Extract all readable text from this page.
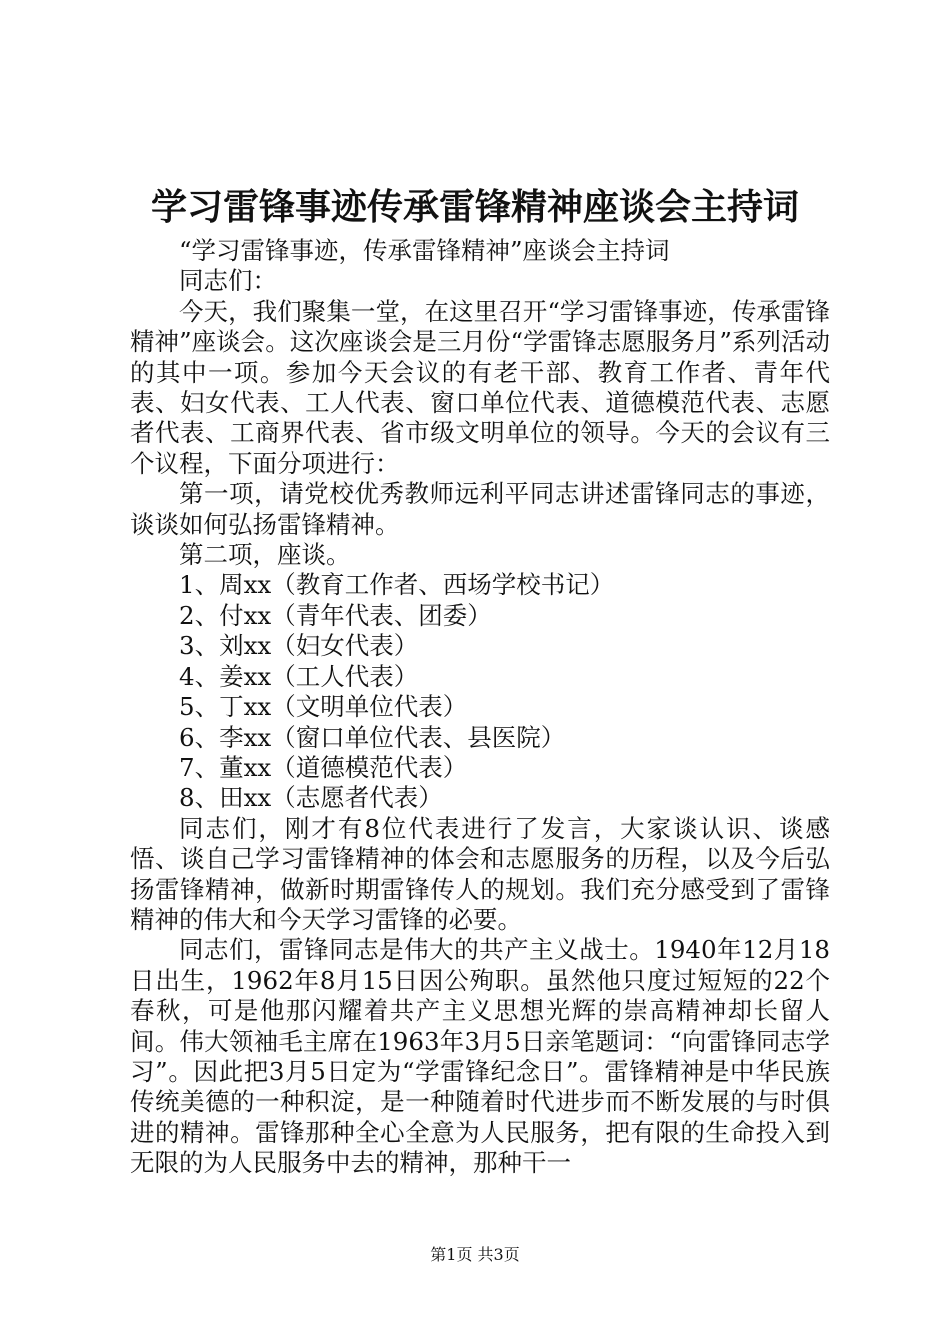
学习雷锋事迹传承雷锋精神座谈会主持词

“学习雷锋事迹，传承雷锋精神”座谈会主持词

同志们：

今天，我们聚集一堂，在这里召开“学习雷锋事迹，传承雷锋精神”座谈会。这次座谈会是三月份“学雷锋志愿服务月”系列活动的其中一项。参加今天会议的有老干部、教育工作者、青年代表、妇女代表、工人代表、窗口单位代表、道德模范代表、志愿者代表、工商界代表、省市级文明单位的领导。今天的会议有三个议程，下面分项进行：

第一项，请党校优秀教师远利平同志讲述雷锋同志的事迹，谈谈如何弘扬雷锋精神。

第二项，座谈。

1、周xx（教育工作者、西场学校书记）

2、付xx（青年代表、团委）

3、刘xx（妇女代表）

4、姜xx（工人代表）

5、丁xx（文明单位代表）

6、李xx（窗口单位代表、县医院）

7、董xx（道德模范代表）

8、田xx（志愿者代表）

同志们，刚才有8位代表进行了发言，大家谈认识、谈感悟、谈自己学习雷锋精神的体会和志愿服务的历程，以及今后弘扬雷锋精神，做新时期雷锋传人的规划。我们充分感受到了雷锋精神的伟大和今天学习雷锋的必要。

同志们，雷锋同志是伟大的共产主义战士。1940年12月18日出生，1962年8月15日因公殉职。虽然他只度过短短的22个春秋，可是他那闪耀着共产主义思想光辉的崇高精神却长留人间。伟大领袖毛主席在1963年3月5日亲笔题词：“向雷锋同志学习”。因此把3月5日定为“学雷锋纪念日”。雷锋精神是中华民族传统美德的一种积淀，是一种随着时代进步而不断发展的与时俱进的精神。雷锋那种全心全意为人民服务，把有限的生命投入到无限的为人民服务中去的精神，那种干一

第1页 共3页
